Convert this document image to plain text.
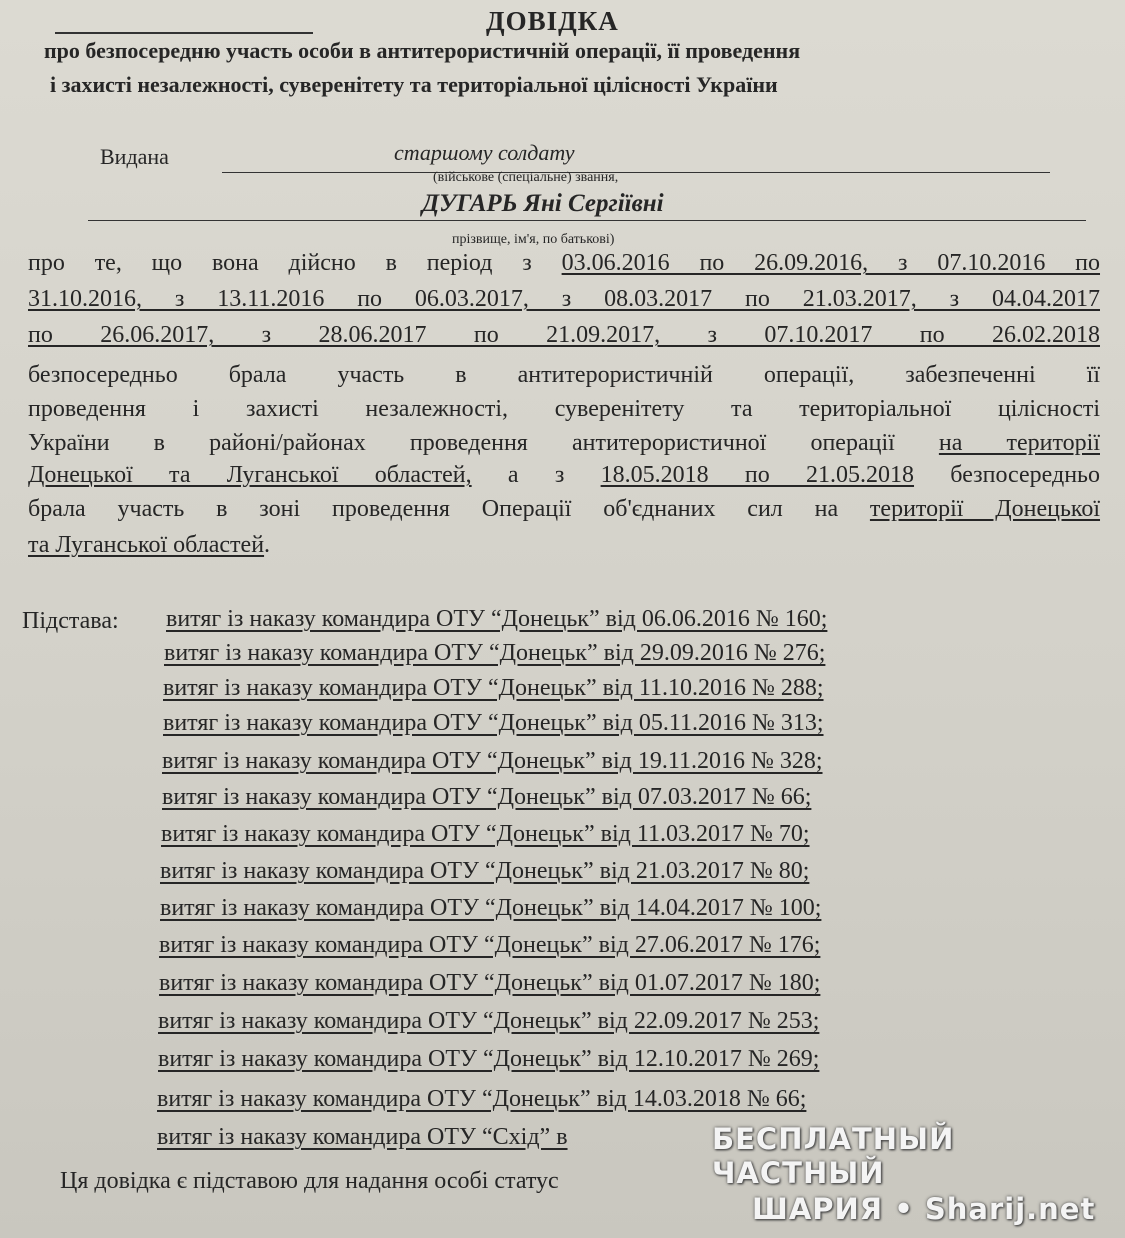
ДОВІДКА
про безпосередню участь особи в антитерористичній операції, її проведення
і захисті незалежності, суверенітету та територіальної цілісності України
Видана	старшому солдату
(військове (спеціальне) звання,
ДУГАРЬ Яні Сергіївні
прізвище, ім'я, по батькові)
про те, що вона дійсно в період з 03.06.2016 по 26.09.2016, з 07.10.2016 по
31.10.2016, з 13.11.2016 по 06.03.2017, з 08.03.2017 по 21.03.2017, з 04.04.2017
по 26.06.2017, з 28.06.2017 по 21.09.2017, з 07.10.2017 по 26.02.2018
безпосередньо брала участь в антитерористичній операції, забезпеченні її
проведення і захисті незалежності, суверенітету та територіальної цілісності
України в районі/районах проведення антитерористичної операції на території
Донецької та Луганської областей, а з 18.05.2018 по 21.05.2018 безпосередньо
брала участь в зоні проведення Операції об'єднаних сил на території Донецької
та Луганської областей.
Підстава: витяг із наказу командира ОТУ “Донецьк” від 06.06.2016 № 160;
витяг із наказу командира ОТУ “Донецьк” від 29.09.2016 № 276;
витяг із наказу командира ОТУ “Донецьк” від 11.10.2016 № 288;
витяг із наказу командира ОТУ “Донецьк” від 05.11.2016 № 313;
витяг із наказу командира ОТУ “Донецьк” від 19.11.2016 № 328;
витяг із наказу командира ОТУ “Донецьк” від 07.03.2017 № 66;
витяг із наказу командира ОТУ “Донецьк” від 11.03.2017 № 70;
витяг із наказу командира ОТУ “Донецьк” від 21.03.2017 № 80;
витяг із наказу командира ОТУ “Донецьк” від 14.04.2017 № 100;
витяг із наказу командира ОТУ “Донецьк” від 27.06.2017 № 176;
витяг із наказу командира ОТУ “Донецьк” від 01.07.2017 № 180;
витяг із наказу командира ОТУ “Донецьк” від 22.09.2017 № 253;
витяг із наказу командира ОТУ “Донецьк” від 12.10.2017 № 269;
витяг із наказу командира ОТУ “Донецьк” від 14.03.2018 № 66;
витяг із наказу командира ОТУ “Схід” в
Ця довідка є підставою для надання особі статус
БЕСПЛАТНЫЙ ЧАСТНЫЙ
ШАРИЯ • Sharij.net
